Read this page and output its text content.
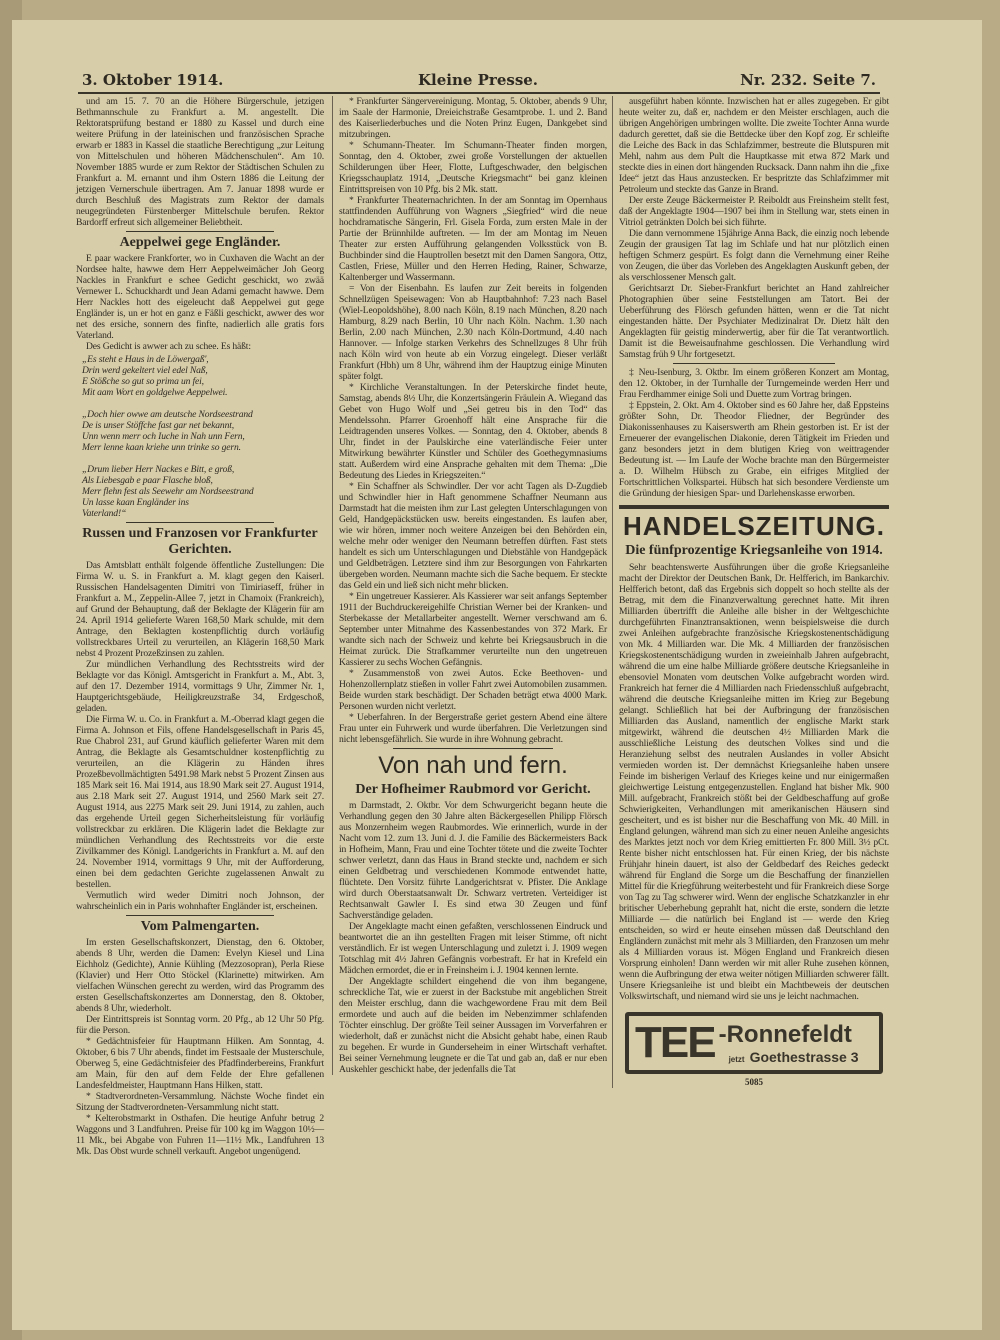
3. Oktober 1914.	Kleine Presse.	Nr. 232. Seite 7.

und am 15. 7. 70 an die Höhere Bürgerschule, jetzigen Bethmannschule zu Frankfurt a. M. angestellt. Die Rektoratsprüfung bestand er 1880 zu Kassel und durch eine weitere Prüfung in der lateinischen und französischen Sprache erwarb er 1883 in Kassel die staatliche Berechtigung „zur Leitung von Mittelschulen und höheren Mädchenschulen“. Am 10. November 1885 wurde er zum Rektor der Städtischen Schulen zu Frankfurt a. M. ernannt und ihm Ostern 1886 die Leitung der jetzigen Vernerschule übertragen. Am 7. Januar 1898 wurde er durch Beschluß des Magistrats zum Rektor der damals neugegründeten Fürstenberger Mittelschule berufen. Rektor Bardorff erfreut sich allgemeiner Beliebtheit.

Aeppelwei gege Engländer.

E paar wackere Frankforter, wo in Cuxhaven die Wacht an der Nordsee halte, hawwe dem Herr Aeppelweimächer Joh Georg Nackles in Frankfurt e schee Gedicht geschickt, wo zwää Vernewer L. Schuckhardt und Jean Adami gemacht hawwe. Dem Herr Nackles hott des eigeleucht daß Aeppelwei gut gege Engländer is, un er hot en ganz e Fäßli geschickt, awwer des wor net des ersiche, sonnern des finfte, nadierlich alle gratis fors Vaterland.

Des Gedicht is awwer ach zu schee. Es häßt:

„Es steht e Haus in de Löwergaß',
Drin werd gekeltert viel edel Naß,
E Stößche so gut so prima un fei,
Mit aam Wort en goldgelwe Aeppelwei.

„Doch hier owwe am deutsche Nordseestrand
De is unser Stöffche fast gar net bekannt,
Unn wenn merr och Iuche in Nah unn Fern,
Merr lenne kaan kriehe unn trinke so gern.

„Drum lieber Herr Nackes e Bitt, e groß,
Als Liebesgab e paar Flasche bloß,
Merr flehn fest als Seewehr am Nordseestrand
Un lasse kaan Engländer ins
Vaterland!“

Russen und Franzosen vor Frankfurter Gerichten.

Das Amtsblatt enthält folgende öffentliche Zustellungen: Die Firma W. u. S. in Frankfurt a. M. klagt gegen den Kaiserl. Russischen Handelsagenten Dimitri von Timiriaseff, früher in Frankfurt a. M., Zeppelin-Allee 7, jetzt in Chamoix (Frankreich), auf Grund der Behauptung, daß der Beklagte der Klägerin für am 24. April 1914 gelieferte Waren 168,50 Mark schulde, mit dem Antrage, den Beklagten kostenpflichtig durch vorläufig vollstreckbares Urteil zu verurteilen, an Klägerin 168,50 Mark nebst 4 Prozent Prozeßzinsen zu zahlen.

Zur mündlichen Verhandlung des Rechtsstreits wird der Beklagte vor das Königl. Amtsgericht in Frankfurt a. M., Abt. 3, auf den 17. Dezember 1914, vormittags 9 Uhr, Zimmer Nr. 1, Hauptgerichtsgebäude, Heiligkreuzstraße 34, Erdgeschoß, geladen.

Die Firma W. u. Co. in Frankfurt a. M.-Oberrad klagt gegen die Firma A. Johnson et Fils, offene Handelsgesellschaft in Paris 45, Rue Chabrol 231, auf Grund käuflich gelieferter Waren mit dem Antrag, die Beklagte als Gesamtschuldner kostenpflichtig zu verurteilen, an die Klägerin zu Händen ihres Prozeßbevollmächtigten 5491.98 Mark nebst 5 Prozent Zinsen aus 185 Mark seit 16. Mai 1914, aus 18.90 Mark seit 27. August 1914, aus 2.18 Mark seit 27. August 1914, und 2560 Mark seit 27. August 1914, aus 2275 Mark seit 29. Juni 1914, zu zahlen, auch das ergehende Urteil gegen Sicherheitsleistung für vorläufig vollstreckbar zu erklären. Die Klägerin ladet die Beklagte zur mündlichen Verhandlung des Rechtsstreits vor die erste Zivilkammer des Königl. Landgerichts in Frankfurt a. M. auf den 24. November 1914, vormittags 9 Uhr, mit der Aufforderung, einen bei dem gedachten Gerichte zugelassenen Anwalt zu bestellen.

Vermutlich wird weder Dimitri noch Johnson, der wahrscheinlich ein in Paris wohnhafter Engländer ist, erscheinen.

Vom Palmengarten.

Im ersten Gesellschaftskonzert, Dienstag, den 6. Oktober, abends 8 Uhr, werden die Damen: Evelyn Kiesel und Lina Eichholz (Gedichte), Annie Kühling (Mezzosopran), Perla Riese (Klavier) und Herr Otto Stöckel (Klarinette) mitwirken. Am vielfachen Wünschen gerecht zu werden, wird das Programm des ersten Gesellschaftskonzertes am Donnerstag, den 8. Oktober, abends 8 Uhr, wiederholt.

Der Eintrittspreis ist Sonntag vorm. 20 Pfg., ab 12 Uhr 50 Pfg. für die Person.

* Gedächtnisfeier für Hauptmann Hilken. Am Sonntag, 4. Oktober, 6 bis 7 Uhr abends, findet im Festsaale der Musterschule, Oberweg 5, eine Gedächtnisfeier des Pfadfinderbereins, Frankfurt am Main, für den auf dem Felde der Ehre gefallenen Landesfeldmeister, Hauptmann Hans Hilken, statt.

* Stadtverordneten-Versammlung. Nächste Woche findet ein Sitzung der Stadtverordneten-Versammlung nicht statt.

* Kelterobstmarkt in Osthafen. Die heutige Anfuhr betrug 2 Waggons und 3 Landfuhren. Preise für 100 kg im Waggon 10½—11 Mk., bei Abgabe von Fuhren 11—11½ Mk., Landfuhren 13 Mk. Das Obst wurde schnell verkauft. Angebot ungenügend.

* Frankfurter Sängervereinigung. Montag, 5. Oktober, abends 9 Uhr, im Saale der Harmonie, Dreieichstraße Gesamtprobe. 1. und 2. Band des Kaiserliederbuches und die Noten Prinz Eugen, Dankgebet sind mitzubringen.

* Schumann-Theater. Im Schumann-Theater finden morgen, Sonntag, den 4. Oktober, zwei große Vorstellungen der aktuellen Schilderungen über Heer, Flotte, Luftgeschwader, den belgischen Kriegsschauplatz 1914, „Deutsche Kriegsmacht“ bei ganz kleinen Eintrittspreisen von 10 Pfg. bis 2 Mk. statt.

* Frankfurter Theaternachrichten. In der am Sonntag im Opernhaus stattfindenden Aufführung von Wagners „Siegfried“ wird die neue hochdramatische Sängerin, Frl. Gisela Forda, zum ersten Male in der Partie der Brünnhilde auftreten. — Im der am Montag im Neuen Theater zur ersten Aufführung gelangenden Volksstück von B. Buchbinder sind die Hauptrollen besetzt mit den Damen Sangora, Ottz, Castlen, Friese, Müller und den Herren Heding, Rainer, Schwarze, Kaltenberger und Wassermann.

= Von der Eisenbahn. Es laufen zur Zeit bereits in folgenden Schnellzügen Speisewagen: Von ab Hauptbahnhof: 7.23 nach Basel (Wiel-Leopoldshöhe), 8.00 nach Köln, 8.19 nach München, 8.20 nach Hamburg, 8.29 nach Berlin, 10 Uhr nach Köln. Nachm. 1.30 nach Berlin, 2.00 nach München, 2.30 nach Köln-Dortmund, 4.40 nach Hannover. — Infolge starken Verkehrs des Schnellzuges 8 Uhr früh nach Köln wird von heute ab ein Vorzug eingelegt. Dieser verläßt Frankfurt (Hbh) um 8 Uhr, während ihm der Hauptzug einige Minuten später folgt.

* Kirchliche Veranstaltungen. In der Peterskirche findet heute, Samstag, abends 8½ Uhr, die Konzertsängerin Fräulein A. Wiegand das Gebet von Hugo Wolf und „Sei getreu bis in den Tod“ das Mendelssohn. Pfarrer Groenhoff hält eine Ansprache für die Leidtragenden unseres Volkes. — Sonntag, den 4. Oktober, abends 8 Uhr, findet in der Paulskirche eine vaterländische Feier unter Mitwirkung bewährter Künstler und Schüler des Goethegymnasiums statt. Außerdem wird eine Ansprache gehalten mit dem Thema: „Die Bedeutung des Liedes in Kriegszeiten.“

* Ein Schaffner als Schwindler. Der vor acht Tagen als D-Zugdieb und Schwindler hier in Haft genommene Schaffner Neumann aus Darmstadt hat die meisten ihm zur Last gelegten Unterschlagungen von Geld, Handgepäckstücken usw. bereits eingestanden. Es laufen aber, wie wir hören, immer noch weitere Anzeigen bei den Behörden ein, welche mehr oder weniger den Neumann betreffen dürften. Fast stets handelt es sich um Unterschlagungen und Diebstähle von Handgepäck und Geldbeträgen. Letztere sind ihm zur Besorgungen von Fahrkarten übergeben worden. Neumann machte sich die Sache bequem. Er steckte das Geld ein und ließ sich nicht mehr blicken.

* Ein ungetreuer Kassierer. Als Kassierer war seit anfangs September 1911 der Buchdruckereigehilfe Christian Werner bei der Kranken- und Sterbekasse der Metallarbeiter angestellt. Werner verschwand am 6. September unter Mitnahme des Kassenbestandes von 372 Mark. Er wandte sich nach der Schweiz und kehrte bei Kriegsausbruch in die Heimat zurück. Die Strafkammer verurteilte nun den ungetreuen Kassierer zu sechs Wochen Gefängnis.

* Zusammenstoß von zwei Autos. Ecke Beethoven- und Hohenzollernplatz stießen in voller Fahrt zwei Automobilen zusammen. Beide wurden stark beschädigt. Der Schaden beträgt etwa 4000 Mark. Personen wurden nicht verletzt.

* Ueberfahren. In der Bergerstraße geriet gestern Abend eine ältere Frau unter ein Fuhrwerk und wurde überfahren. Die Verletzungen sind nicht lebensgefährlich. Sie wurde in ihre Wohnung gebracht.

Von nah und fern.
Der Hofheimer Raubmord vor Gericht.

m Darmstadt, 2. Oktbr. Vor dem Schwurgericht begann heute die Verhandlung gegen den 30 Jahre alten Bäckergesellen Philipp Flörsch aus Monzernheim wegen Raubmordes. Wie erinnerlich, wurde in der Nacht vom 12. zum 13. Juni d. J. die Familie des Bäckermeisters Back in Hofheim, Mann, Frau und eine Tochter tötete und die zweite Tochter schwer verletzt, dann das Haus in Brand steckte und, nachdem er sich einen Geldbetrag und verschiedenen Kommode entwendet hatte, flüchtete. Den Vorsitz führte Landgerichtsrat v. Pfister. Die Anklage wird durch Oberstaatsanwalt Dr. Schwarz vertreten. Verteidiger ist Rechtsanwalt Gawler I. Es sind etwa 30 Zeugen und fünf Sachverständige geladen.

Der Angeklagte macht einen gefaßten, verschlossenen Eindruck und beantwortet die an ihn gestellten Fragen mit leiser Stimme, oft nicht verständlich. Er ist wegen Unterschlagung und zuletzt i. J. 1909 wegen Totschlag mit 4½ Jahren Gefängnis vorbestraft. Er hat in Krefeld ein Mädchen ermordet, die er in Freinsheim i. J. 1904 kennen lernte.

Der Angeklagte schildert eingehend die von ihm begangene, schreckliche Tat, wie er zuerst in der Backstube mit angeblichen Streit den Meister erschlug, dann die wachgewordene Frau mit dem Beil ermordete und auch auf die beiden im Nebenzimmer schlafenden Töchter einschlug. Der größte Teil seiner Aussagen im Vorverfahren er wiederholt, daß er zunächst nicht die Absicht gehabt habe, einen Raub zu begehen. Er wurde in Gunderseheim in einer Wirtschaft verhaftet. Bei seiner Vernehmung leugnete er die Tat und gab an, daß er nur eben Auskehler geschickt habe, der jedenfalls die Tat

ausgeführt haben könnte. Inzwischen hat er alles zugegeben. Er gibt heute weiter zu, daß er, nachdem er den Meister erschlagen, auch die übrigen Angehörigen umbringen wollte. Die zweite Tochter Anna wurde dadurch gerettet, daß sie die Bettdecke über den Kopf zog. Er schleifte die Leiche des Back in das Schlafzimmer, bestreute die Blutspuren mit Mehl, nahm aus dem Pult die Hauptkasse mit etwa 872 Mark und steckte dies in einen dort hängenden Rucksack. Dann nahm ihn die „fixe Idee“ jetzt das Haus anzustecken. Er bespritzte das Schlafzimmer mit Petroleum und steckte das Ganze in Brand.

Der erste Zeuge Bäckermeister P. Reiboldt aus Freinsheim stellt fest, daß der Angeklagte 1904—1907 bei ihm in Stellung war, stets einen in Vitriol getränkten Dolch bei sich führte.

Die dann vernommene 15jährige Anna Back, die einzig noch lebende Zeugin der grausigen Tat lag im Schlafe und hat nur plötzlich einen heftigen Schmerz gespürt. Es folgt dann die Vernehmung einer Reihe von Zeugen, die über das Vorleben des Angeklagten Auskunft geben, der als verschlossener Mensch galt.

Gerichtsarzt Dr. Sieber-Frankfurt berichtet an Hand zahlreicher Photographien über seine Feststellungen am Tatort. Bei der Ueberführung des Flörsch gefunden hätten, wenn er die Tat nicht eingestanden hätte. Der Psychiater Medizinalrat Dr. Dietz hält den Angeklagten für geistig minderwertig, aber für die Tat verantwortlich. Damit ist die Beweisaufnahme geschlossen. Die Verhandlung wird Samstag früh 9 Uhr fortgesetzt.

‡ Neu-Isenburg, 3. Oktbr. Im einem größeren Konzert am Montag, den 12. Oktober, in der Turnhalle der Turngemeinde werden Herr und Frau Ferdhammer einige Soli und Duette zum Vortrag bringen.

‡ Eppstein, 2. Okt. Am 4. Oktober sind es 60 Jahre her, daß Eppsteins größter Sohn, Dr. Theodor Fliedner, der Begründer des Diakonissenhauses zu Kaiserswerth am Rhein gestorben ist. Er ist der Erneuerer der evangelischen Diakonie, deren Tätigkeit im Frieden und ganz besonders jetzt in dem blutigen Krieg von weittragender Bedeutung ist. — Im Laufe der Woche brachte man den Bürgermeister a. D. Wilhelm Hübsch zu Grabe, ein eifriges Mitglied der Fortschrittlichen Volkspartei. Hübsch hat sich besondere Verdienste um die Gründung der hiesigen Spar- und Darlehenskasse erworben.

HANDELSZEITUNG.
Die fünfprozentige Kriegsanleihe von 1914.

Sehr beachtenswerte Ausführungen über die große Kriegsanleihe macht der Direktor der Deutschen Bank, Dr. Helfferich, im Bankarchiv. Helfferich betont, daß das Ergebnis sich doppelt so hoch stellte als der Betrag, mit dem die Finanzverwaltung gerechnet hatte. Mit ihren Milliarden übertrifft die Anleihe alle bisher in der Weltgeschichte durchgeführten Finanztransaktionen, wenn beispielsweise die durch zwei Anleihen aufgebrachte französische Kriegskostenentschädigung von Mk. 4 Milliarden war. Die Mk. 4 Milliarden der französischen Kriegskostenentschädigung wurden in zweieinhalb Jahren aufgebracht, während die um eine halbe Milliarde größere deutsche Kriegsanleihe in ebensoviel Monaten vom deutschen Volke aufgebracht worden wird. Frankreich hat ferner die 4 Milliarden nach Friedensschluß aufgebracht, während die deutsche Kriegsanleihe mitten im Krieg zur Begebung gelangt. Schließlich hat bei der Aufbringung der französischen Milliarden das Ausland, namentlich der englische Markt stark mitgewirkt, während die deutschen 4½ Milliarden Mark die ausschließliche Leistung des deutschen Volkes sind und die Heranziehung selbst des neutralen Auslandes in voller Absicht vermieden worden ist. Der demnächst Kriegsanleihe haben unsere Feinde im bisherigen Verlauf des Krieges keine und nur einigermaßen gleichwertige Leistung entgegenzustellen. England hat bisher Mk. 900 Mill. aufgebracht, Frankreich stößt bei der Geldbeschaffung auf große Schwierigkeiten, Verhandlungen mit amerikanischen Häusern sind gescheitert, und es ist bisher nur die Beschaffung von Mk. 40 Mill. in England gelungen, während man sich zu einer neuen Anleihe angesichts des Marktes jetzt noch vor dem Krieg emittierten Fr. 800 Mill. 3½ pCt. Rente bisher nicht entschlossen hat. Für einen Krieg, der bis nächste Frühjahr hinein dauert, ist also der Geldbedarf des Reiches gedeckt während für England die Sorge um die Beschaffung der finanziellen Mittel für die Kriegführung weiterbesteht und für Frankreich diese Sorge von Tag zu Tag schwerer wird. Wenn der englische Schatzkanzler in ehr britischer Ueberhebung geprahlt hat, nicht die erste, sondern die letzte Milliarde — die natürlich bei England ist — werde den Krieg entscheiden, so wird er heute einsehen müssen daß Deutschland den Engländern zunächst mit mehr als 3 Milliarden, den Franzosen um mehr als 4 Milliarden voraus ist. Mögen England und Frankreich diesen Vorsprung einholen! Dann werden wir mit aller Ruhe zusehen können, wenn die Aufbringung der etwa weiter nötigen Milliarden schwerer fällt. Unsere Kriegsanleihe ist und bleibt ein Machtbeweis der deutschen Volkswirtschaft, und niemand wird sie uns je leicht nachmachen.

TEE -Ronnefeldt
jetzt Goethestrasse 3
5085
